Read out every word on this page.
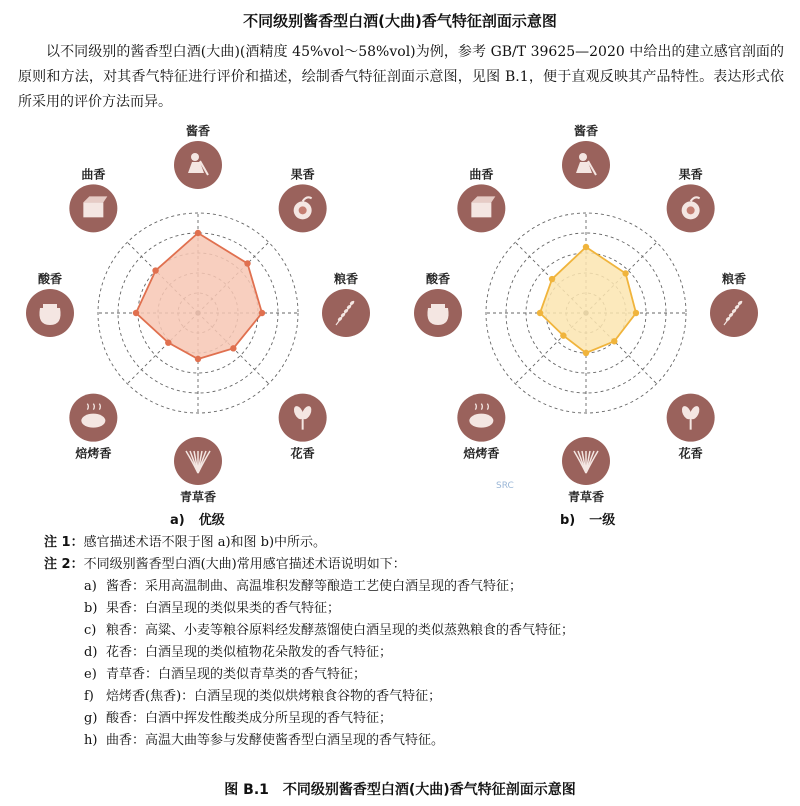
不同级别酱香型白酒(大曲)香气特征剖面示意图
以不同级别的酱香型白酒(大曲)(酒精度 45%vol～58%vol)为例，参考 GB/T 39625—2020 中给出的建立感官剖面的原则和方法，对其香气特征进行评价和描述，绘制香气特征剖面示意图，见图 B.1，便于直观反映其产品特性。表达形式依所采用的评价方法而异。
酱香
果香
粮香
花香
青草香
焙烤香
酸香
曲香
酱香
果香
粮香
花香
青草香
焙烤香
酸香
曲香
SRC
a) 优级	b) 一级
注 1：感官描述术语不限于图 a)和图 b)中所示。
注 2：不同级别酱香型白酒(大曲)常用感官描述术语说明如下：
a) 酱香：采用高温制曲、高温堆积发酵等酿造工艺使白酒呈现的香气特征；
b) 果香：白酒呈现的类似果类的香气特征；
c) 粮香：高粱、小麦等粮谷原料经发酵蒸馏使白酒呈现的类似蒸熟粮食的香气特征；
d) 花香：白酒呈现的类似植物花朵散发的香气特征；
e) 青草香：白酒呈现的类似青草类的香气特征；
f) 焙烤香(焦香)：白酒呈现的类似烘烤粮食谷物的香气特征；
g) 酸香：白酒中挥发性酸类成分所呈现的香气特征；
h) 曲香：高温大曲等参与发酵使酱香型白酒呈现的香气特征。
图 B.1 不同级别酱香型白酒(大曲)香气特征剖面示意图
